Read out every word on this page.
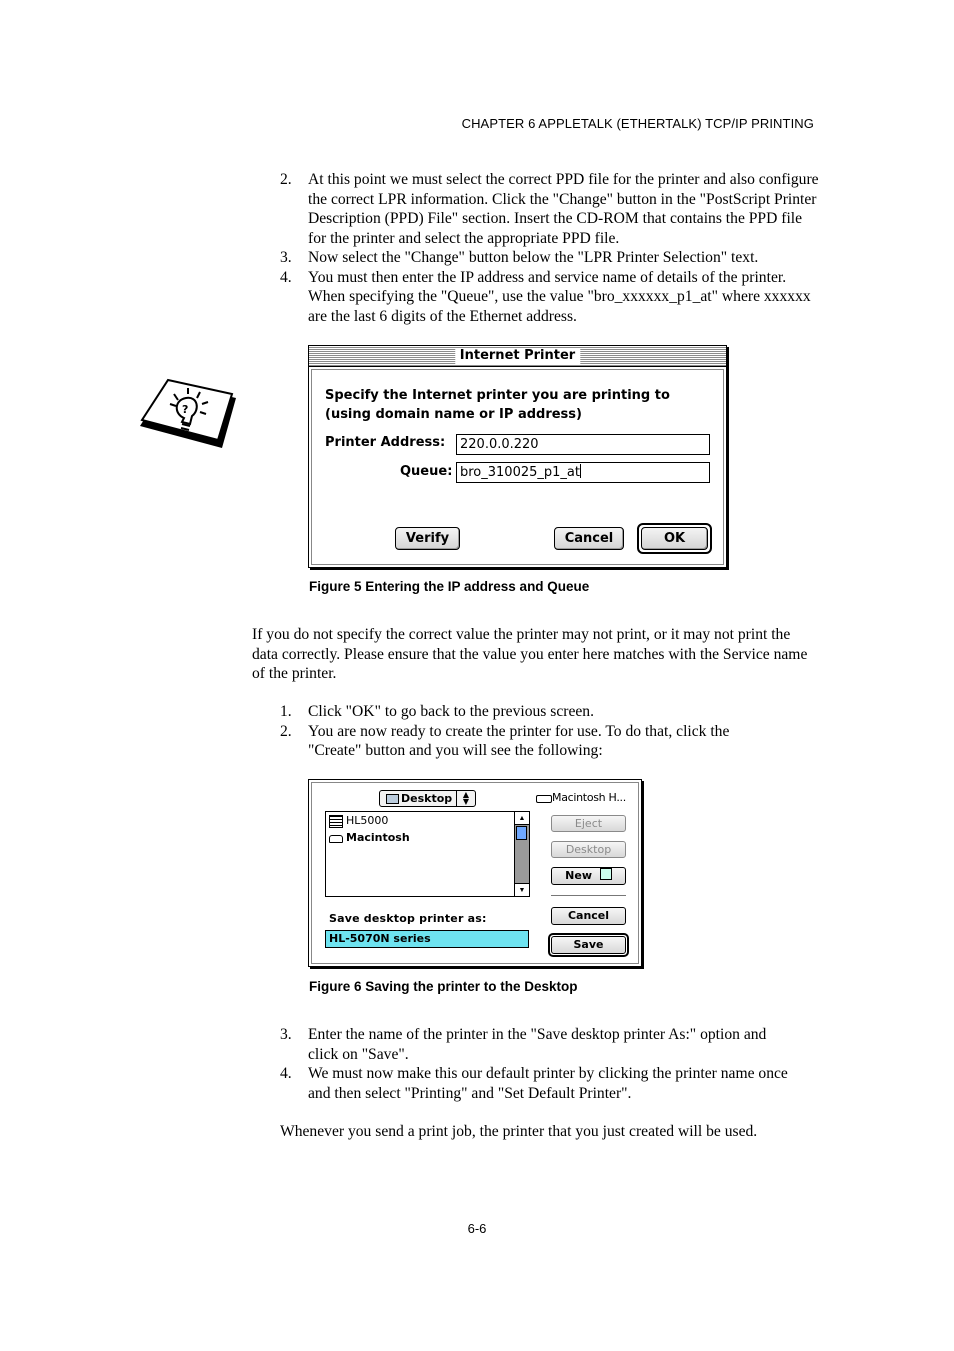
CHAPTER 6 APPLETALK (ETHERTALK) TCP/IP PRINTING
2. At this point we must select the correct PPD file for the printer and also configure the correct LPR information. Click the "Change" button in the "PostScript Printer Description (PPD) File" section. Insert the CD-ROM that contains the PPD file for the printer and select the appropriate PPD file.
3. Now select the "Change" button below the "LPR Printer Selection" text.
4. You must then enter the IP address and service name of details of the printer. When specifying the "Queue", use the value "bro_xxxxxx_p1_at" where xxxxxx are the last 6 digits of the Ethernet address.
?
Internet Printer
Specify the Internet printer you are printing to
(using domain name or IP address)
Printer Address:	220.0.0.220
Queue: bro_310025_p1_at
Verify	Cancel	OK
Figure 5 Entering the IP address and Queue
If you do not specify the correct value the printer may not print, or it may not print the data correctly. Please ensure that the value you enter here matches with the Service name of the printer.
1. Click "OK" to go back to the previous screen.
2. You are now ready to create the printer for use. To do that, click the "Create" button and you will see the following:
Desktop	▲
▼	Macintosh H...
HL5000
Macintosh
▲
▼
Eject
Desktop
New
Save desktop printer as:
HL-5070N series
Cancel
Save
Figure 6 Saving the printer to the Desktop
3. Enter the name of the printer in the "Save desktop printer As:" option and click on "Save".
4. We must now make this our default printer by clicking the printer name once and then select "Printing" and "Set Default Printer".
Whenever you send a print job, the printer that you just created will be used.
6-6
